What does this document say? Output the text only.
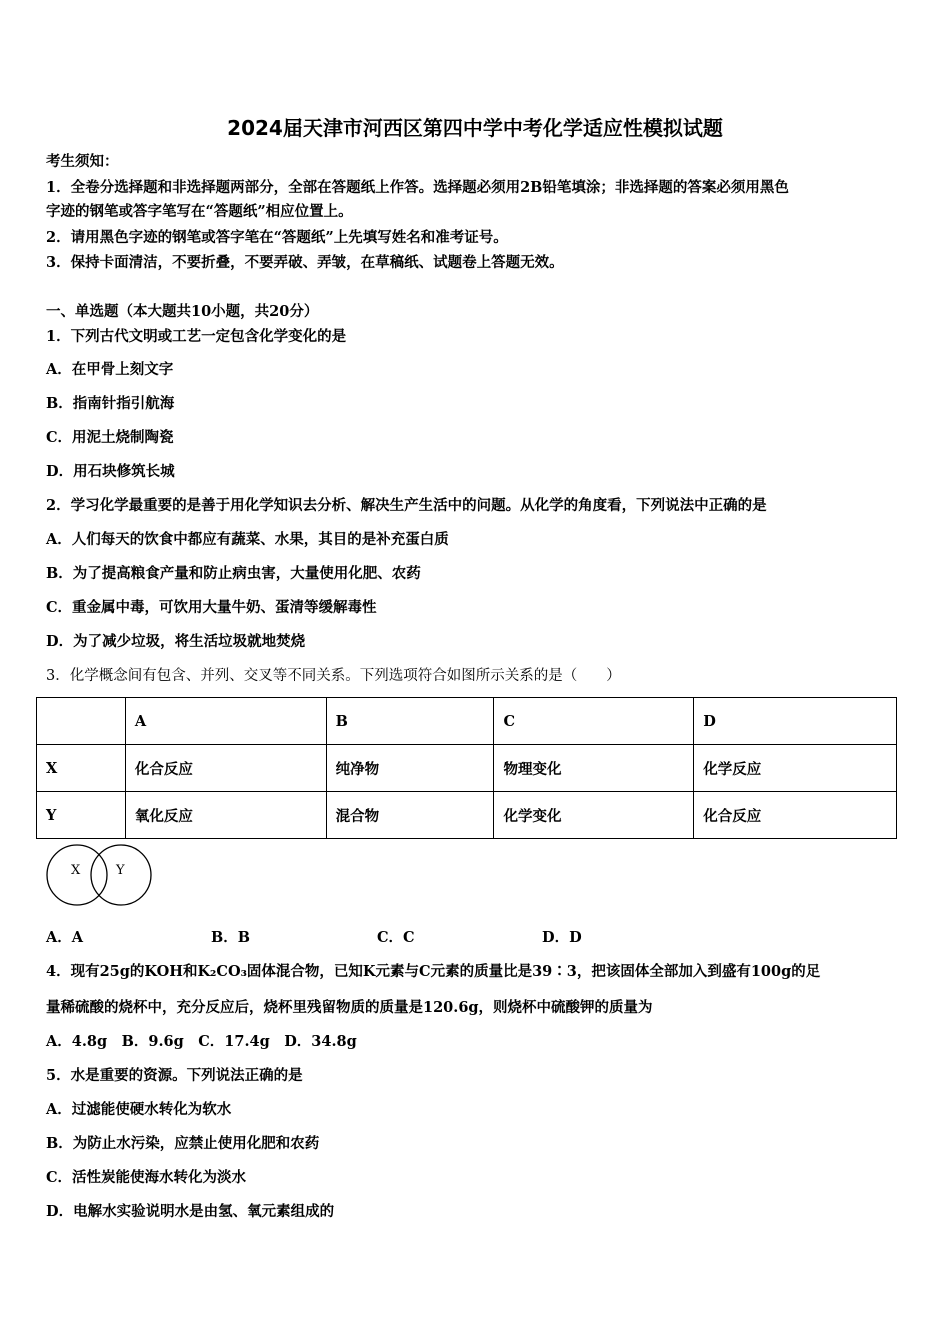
2024届天津市河西区第四中学中考化学适应性模拟试题
考生须知：
1．全卷分选择题和非选择题两部分，全部在答题纸上作答。选择题必须用2B铅笔填涂；非选择题的答案必须用黑色
字迹的钢笔或答字笔写在“答题纸”相应位置上。
2．请用黑色字迹的钢笔或答字笔在“答题纸”上先填写姓名和准考证号。
3．保持卡面清洁，不要折叠，不要弄破、弄皱，在草稿纸、试题卷上答题无效。
一、单选题（本大题共10小题，共20分）
1．下列古代文明或工艺一定包含化学变化的是
A．在甲骨上刻文字
B．指南针指引航海
C．用泥土烧制陶瓷
D．用石块修筑长城
2．学习化学最重要的是善于用化学知识去分析、解决生产生活中的问题。从化学的角度看，下列说法中正确的是
A．人们每天的饮食中都应有蔬菜、水果，其目的是补充蛋白质
B．为了提高粮食产量和防止病虫害，大量使用化肥、农药
C．重金属中毒，可饮用大量牛奶、蛋清等缓解毒性
D．为了减少垃圾，将生活垃圾就地焚烧
3．化学概念间有包含、并列、交叉等不同关系。下列选项符合如图所示关系的是（　　）
	A	B	C	D
X	化合反应	纯净物	物理变化	化学反应
Y	氧化反应	混合物	化学变化	化合反应
X	Y
A．A	B．B	C．C	D．D
4．现有25g的KOH和K₂CO₃固体混合物，已知K元素与C元素的质量比是39∶3，把该固体全部加入到盛有100g的足
量稀硫酸的烧杯中，充分反应后，烧杯里残留物质的质量是120.6g，则烧杯中硫酸钾的质量为
A．4.8g　B．9.6g　C．17.4g　D．34.8g
5．水是重要的资源。下列说法正确的是
A．过滤能使硬水转化为软水
B．为防止水污染，应禁止使用化肥和农药
C．活性炭能使海水转化为淡水
D．电解水实验说明水是由氢、氧元素组成的
